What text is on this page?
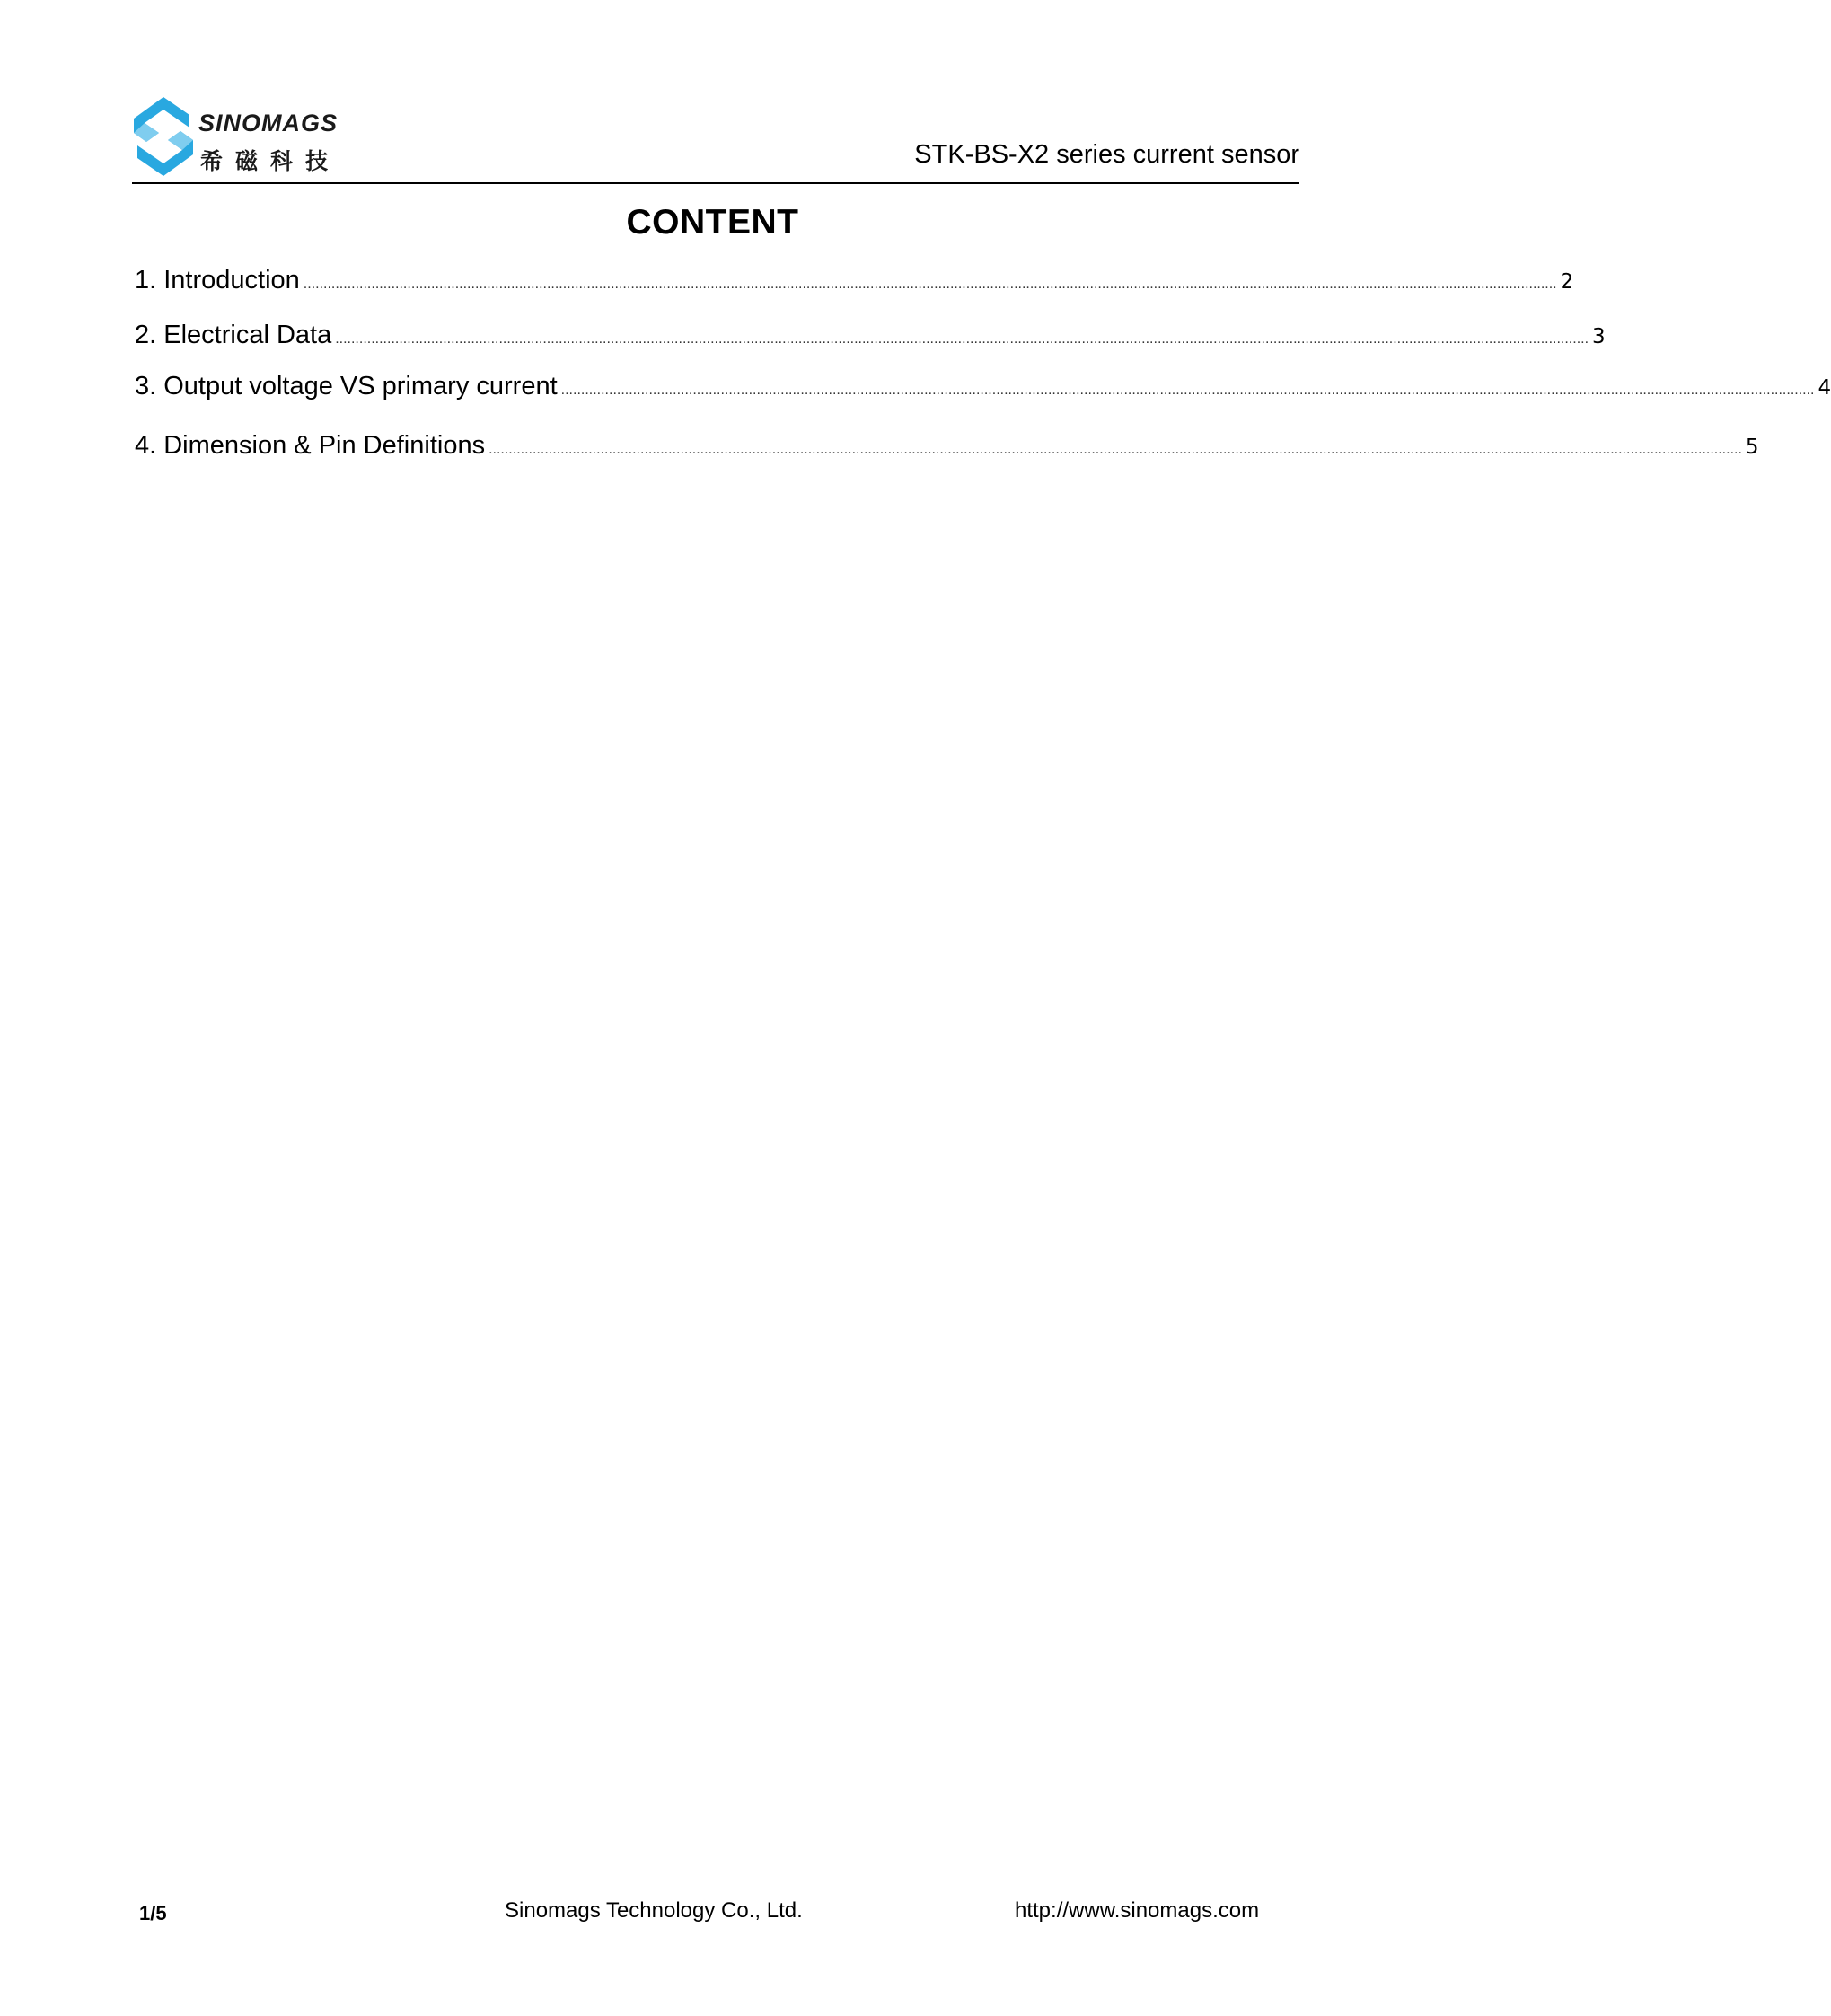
SINOMAGS
希磁科技	STK-BS-X2 series current sensor
CONTENT
1. Introduction .......................................................................................................................................................................................................................................................................................................................... 2
2. Electrical Data .......................................................................................................................................................................................................................................................................................................................... 3
3. Output voltage VS primary current .......................................................................................................................................................................................................................................................................................................................... 4
4. Dimension & Pin Definitions .......................................................................................................................................................................................................................................................................................................................... 5
1/5	Sinomags Technology Co., Ltd.	http://www.sinomags.com
